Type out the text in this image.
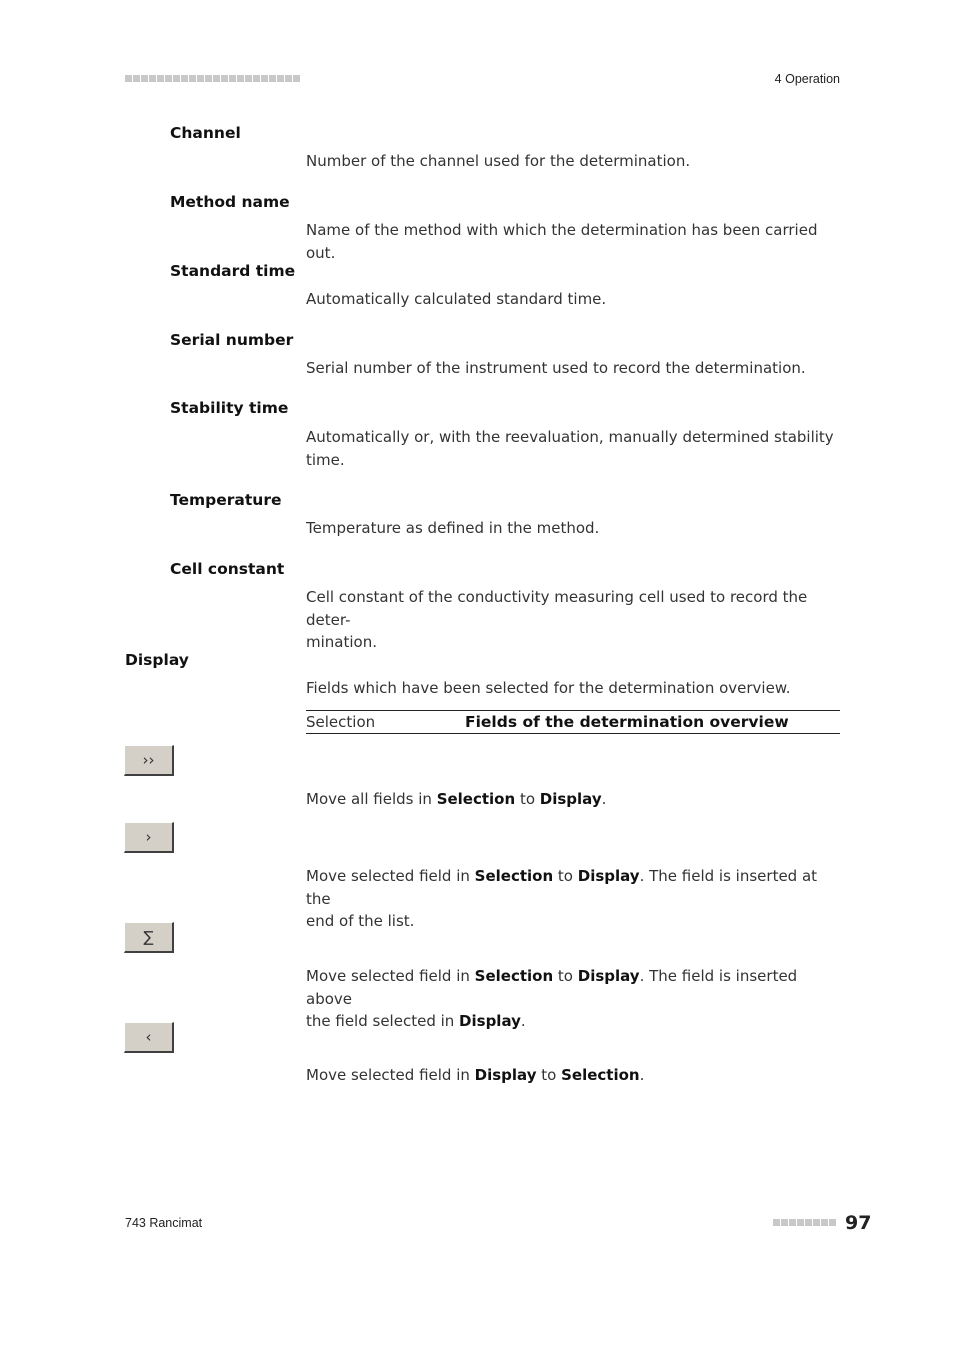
4 Operation
Channel
Number of the channel used for the determination.
Method name
Name of the method with which the determination has been carried out.
Standard time
Automatically calculated standard time.
Serial number
Serial number of the instrument used to record the determination.
Stability time
Automatically or, with the reevaluation, manually determined stability
time.
Temperature
Temperature as defined in the method.
Cell constant
Cell constant of the conductivity measuring cell used to record the deter-
mination.
Display
Fields which have been selected for the determination overview.
Selection	Fields of the determination overview
››
Move all fields in Selection to Display.
›
Move selected field in Selection to Display. The field is inserted at the
end of the list.
∑
Move selected field in Selection to Display. The field is inserted above
the field selected in Display.
‹
Move selected field in Display to Selection.
743 Rancimat	97
